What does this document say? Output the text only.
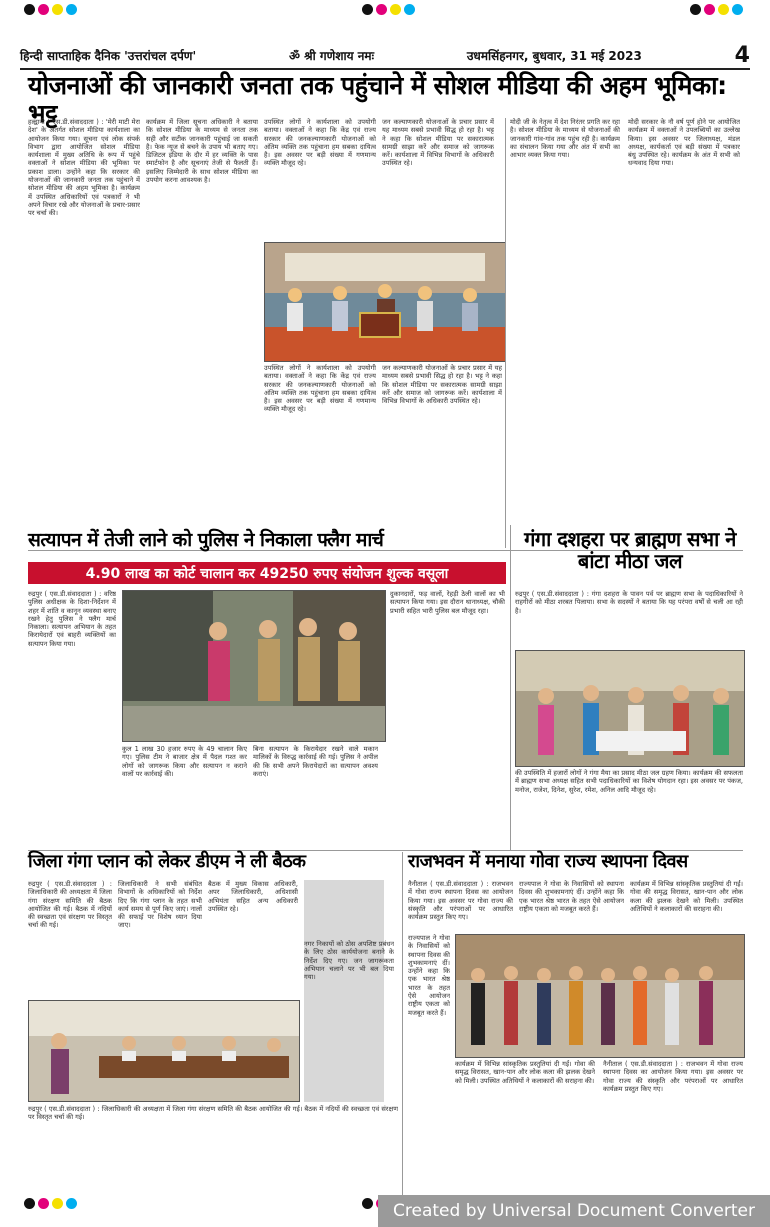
हिन्दी साप्ताहिक दैनिक 'उत्तरांचल दर्पण'	ॐ श्री गणेशाय नमः	उधमसिंहनगर, बुधवार, 31 मई 2023	4
योजनाओं की जानकारी जनता तक पहुंचाने में सोशल मीडिया की अहम भूमिका: भट्ट
हल्द्वानी ( एस.डी.संवाददाता ) : 'मेरी माटी मेरा देश' के अंतर्गत सोशल मीडिया कार्यशाला का आयोजन किया गया। सूचना एवं लोक संपर्क विभाग द्वारा आयोजित सोशल मीडिया कार्यशाला में मुख्य अतिथि के रूप में पहुंचे वक्ताओं ने सोशल मीडिया की भूमिका पर प्रकाश डाला। उन्होंने कहा कि सरकार की योजनाओं की जानकारी जनता तक पहुंचाने में सोशल मीडिया की अहम भूमिका है। कार्यक्रम में उपस्थित अधिकारियों एवं पत्रकारों ने भी अपने विचार रखे और योजनाओं के प्रचार-प्रसार पर चर्चा की।
कार्यक्रम में जिला सूचना अधिकारी ने बताया कि सोशल मीडिया के माध्यम से जनता तक सही और सटीक जानकारी पहुंचाई जा सकती है। फेक न्यूज से बचने के उपाय भी बताए गए। डिजिटल इंडिया के दौर में हर व्यक्ति के पास स्मार्टफोन है और सूचनाएं तेजी से फैलती हैं। इसलिए जिम्मेदारी के साथ सोशल मीडिया का उपयोग करना आवश्यक है।
उपस्थित लोगों ने कार्यशाला को उपयोगी बताया। वक्ताओं ने कहा कि केंद्र एवं राज्य सरकार की जनकल्याणकारी योजनाओं को अंतिम व्यक्ति तक पहुंचाना हम सबका दायित्व है। इस अवसर पर बड़ी संख्या में गणमान्य व्यक्ति मौजूद रहे।
जन कल्याणकारी योजनाओं के प्रचार प्रसार में यह माध्यम सबसे प्रभावी सिद्ध हो रहा है। भट्ट ने कहा कि सोशल मीडिया पर सकारात्मक सामग्री साझा करें और समाज को जागरूक करें। कार्यशाला में विभिन्न विभागों के अधिकारी उपस्थित रहे।
मोदी जी के नेतृत्व में देश निरंतर प्रगति कर रहा है। सोशल मीडिया के माध्यम से योजनाओं की जानकारी गांव-गांव तक पहुंच रही है। कार्यक्रम का संचालन किया गया और अंत में सभी का आभार व्यक्त किया गया।
मोदी सरकार के नौ वर्ष पूर्ण होने पर आयोजित कार्यक्रम में वक्ताओं ने उपलब्धियों का उल्लेख किया। इस अवसर पर जिलाध्यक्ष, मंडल अध्यक्ष, कार्यकर्ता एवं बड़ी संख्या में पत्रकार बंधु उपस्थित रहे। कार्यक्रम के अंत में सभी को धन्यवाद दिया गया।
उपस्थित लोगों ने कार्यशाला को उपयोगी बताया। वक्ताओं ने कहा कि केंद्र एवं राज्य सरकार की जनकल्याणकारी योजनाओं को अंतिम व्यक्ति तक पहुंचाना हम सबका दायित्व है। इस अवसर पर बड़ी संख्या में गणमान्य व्यक्ति मौजूद रहे।
जन कल्याणकारी योजनाओं के प्रचार प्रसार में यह माध्यम सबसे प्रभावी सिद्ध हो रहा है। भट्ट ने कहा कि सोशल मीडिया पर सकारात्मक सामग्री साझा करें और समाज को जागरूक करें। कार्यशाला में विभिन्न विभागों के अधिकारी उपस्थित रहे।
सत्यापन में तेजी लाने को पुलिस ने निकाला फ्लैग मार्च
4.90 लाख का कोर्ट चालान कर 49250 रुपए संयोजन शुल्क वसूला
रुद्रपुर ( एस.डी.संवाददाता ) : वरिष्ठ पुलिस अधीक्षक के दिशा-निर्देशन में शहर में शांति व कानून व्यवस्था बनाए रखने हेतु पुलिस ने फ्लैग मार्च निकाला। सत्यापन अभियान के तहत किरायेदारों एवं बाहरी व्यक्तियों का सत्यापन किया गया।
कुल 1 लाख 30 हजार रुपए के 49 चालान किए गए। पुलिस टीम ने बाजार क्षेत्र में पैदल गश्त कर लोगों को जागरूक किया और सत्यापन न कराने वालों पर कार्रवाई की।
बिना सत्यापन के किरायेदार रखने वाले मकान मालिकों के विरुद्ध कार्रवाई की गई। पुलिस ने अपील की कि सभी अपने किरायेदारों का सत्यापन अवश्य कराएं।
दुकानदारों, फड़ वालों, रेहड़ी ठेली वालों का भी सत्यापन किया गया। इस दौरान थानाध्यक्ष, चौकी प्रभारी सहित भारी पुलिस बल मौजूद रहा।
गंगा दशहरा पर ब्राह्मण सभा ने बांटा मीठा जल
रुद्रपुर ( एस.डी.संवाददाता ) : गंगा दशहरा के पावन पर्व पर ब्राह्मण सभा के पदाधिकारियों ने राहगीरों को मीठा शरबत पिलाया। सभा के सदस्यों ने बताया कि यह परंपरा वर्षों से चली आ रही है।
की उपस्थिति में हजारों लोगों ने गंगा मैया का प्रसाद मीठा जल ग्रहण किया। कार्यक्रम की सफलता में ब्राह्मण सभा अध्यक्ष सहित सभी पदाधिकारियों का विशेष योगदान रहा। इस अवसर पर पंकज, मनोज, राजेश, दिनेश, सुरेश, रमेश, अनिल आदि मौजूद रहे।
जिला गंगा प्लान को लेकर डीएम ने ली बैठक
रुद्रपुर ( एस.डी.संवाददाता ) : जिलाधिकारी की अध्यक्षता में जिला गंगा संरक्षण समिति की बैठक आयोजित की गई। बैठक में नदियों की स्वच्छता एवं संरक्षण पर विस्तृत चर्चा की गई।
जिलाधिकारी ने सभी संबंधित विभागों के अधिकारियों को निर्देश दिए कि गंगा प्लान के तहत सभी कार्य समय से पूर्ण किए जाएं। नालों की सफाई पर विशेष ध्यान दिया जाए।
बैठक में मुख्य विकास अधिकारी, अपर जिलाधिकारी, अधिशासी अभियंता सहित अन्य अधिकारी उपस्थित रहे।
नगर निकायों को ठोस अपशिष्ट प्रबंधन के लिए ठोस कार्ययोजना बनाने के निर्देश दिए गए। जन जागरूकता अभियान चलाने पर भी बल दिया गया।
रुद्रपुर ( एस.डी.संवाददाता ) : जिलाधिकारी की अध्यक्षता में जिला गंगा संरक्षण समिति की बैठक आयोजित की गई। बैठक में नदियों की स्वच्छता एवं संरक्षण पर विस्तृत चर्चा की गई।
राजभवन में मनाया गोवा राज्य स्थापना दिवस
नैनीताल ( एस.डी.संवाददाता ) : राजभवन में गोवा राज्य स्थापना दिवस का आयोजन किया गया। इस अवसर पर गोवा राज्य की संस्कृति और परंपराओं पर आधारित कार्यक्रम प्रस्तुत किए गए।
राज्यपाल ने गोवा के निवासियों को स्थापना दिवस की शुभकामनाएं दीं। उन्होंने कहा कि एक भारत श्रेष्ठ भारत के तहत ऐसे आयोजन राष्ट्रीय एकता को मजबूत करते हैं।
कार्यक्रम में विभिन्न सांस्कृतिक प्रस्तुतियां दी गईं। गोवा की समृद्ध विरासत, खान-पान और लोक कला की झलक देखने को मिली। उपस्थित अतिथियों ने कलाकारों की सराहना की।
राज्यपाल ने गोवा के निवासियों को स्थापना दिवस की शुभकामनाएं दीं। उन्होंने कहा कि एक भारत श्रेष्ठ भारत के तहत ऐसे आयोजन राष्ट्रीय एकता को मजबूत करते हैं।
कार्यक्रम में विभिन्न सांस्कृतिक प्रस्तुतियां दी गईं। गोवा की समृद्ध विरासत, खान-पान और लोक कला की झलक देखने को मिली। उपस्थित अतिथियों ने कलाकारों की सराहना की।
नैनीताल ( एस.डी.संवाददाता ) : राजभवन में गोवा राज्य स्थापना दिवस का आयोजन किया गया। इस अवसर पर गोवा राज्य की संस्कृति और परंपराओं पर आधारित कार्यक्रम प्रस्तुत किए गए।
Created by Universal Document Converter
